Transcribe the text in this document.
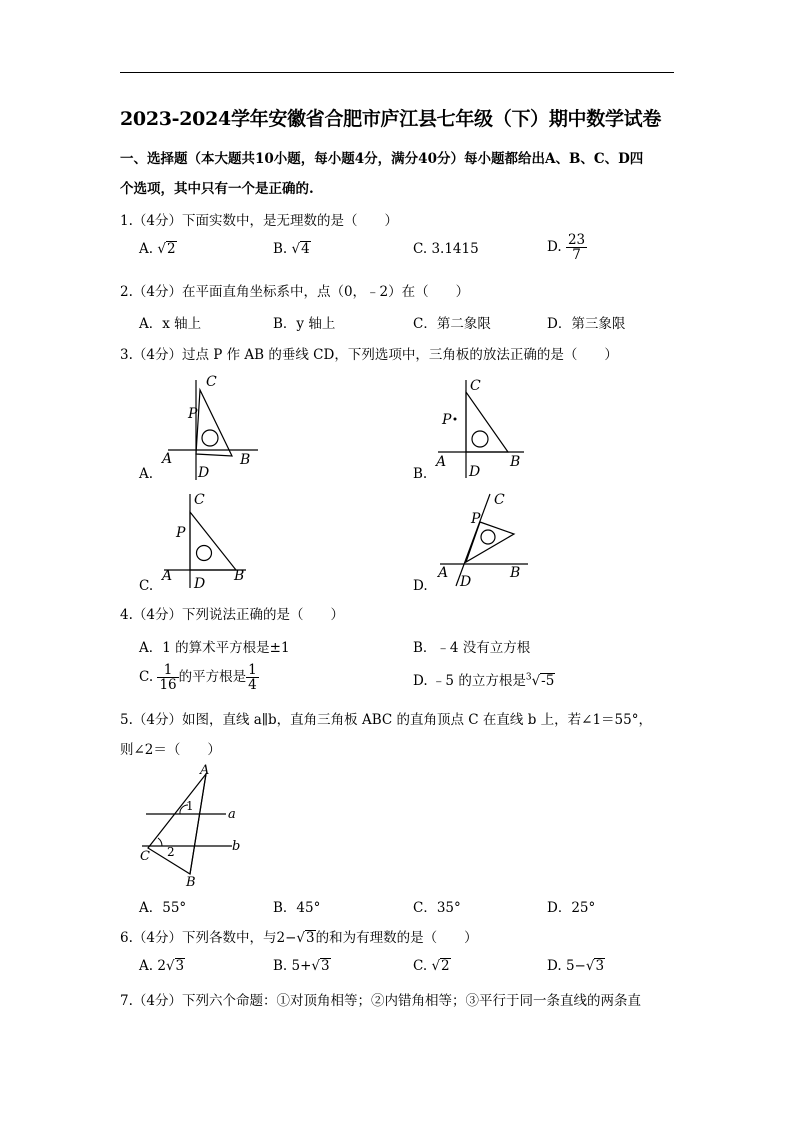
2023-2024学年安徽省合肥市庐江县七年级（下）期中数学试卷
一、选择题（本大题共10小题，每小题4分，满分40分）每小题都给出A、B、C、D四
个选项，其中只有一个是正确的.
1.（4分）下面实数中，是无理数的是（　　）
A. √2	B. √4	C. 3.1415	D. $\frac{23}{7}$
2.（4分）在平面直角坐标系中，点（0，﹣2）在（　　）
A．x 轴上	B．y 轴上	C．第二象限	D．第三象限
3.（4分）过点 P 作 AB 的垂线 CD，下列选项中，三角板的放法正确的是（　　）
C
P
A	B
D
A.
C
P
A	B
D
B.
C
P
A	B
D
C.
C
P
A	B
D
D.
4.（4分）下列说法正确的是（　　）
A．1 的算术平方根是±1	B．﹣4 没有立方根
C. $\frac{1}{16}$ 的平方根是 $\frac{1}{4}$	D. ﹣5 的立方根是$^3$√-5
5.（4分）如图，直线 a∥b，直角三角板 ABC 的直角顶点 C 在直线 b 上，若∠1＝55°，
则∠2＝（　　）
A
B
C
a
b
1
2
A．55°	B．45°	C．35°	D．25°
6.（4分）下列各数中，与2−√3的和为有理数的是（　　）
A. 2√3	B. 5+√3	C. √2	D. 5−√3
7.（4分）下列六个命题：①对顶角相等；②内错角相等；③平行于同一条直线的两条直
